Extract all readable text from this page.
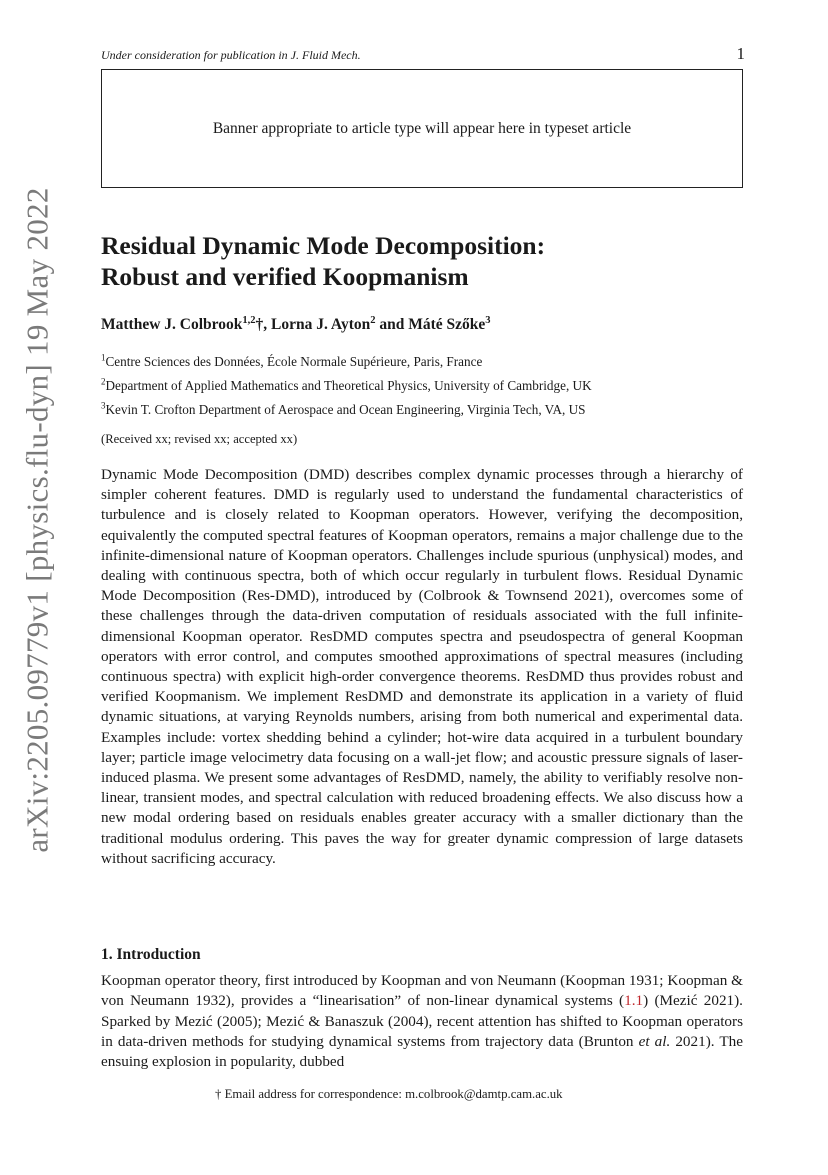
arXiv:2205.09779v1 [physics.flu-dyn] 19 May 2022
Under consideration for publication in J. Fluid Mech.	1
Banner appropriate to article type will appear here in typeset article
Residual Dynamic Mode Decomposition:
Robust and verified Koopmanism
Matthew J. Colbrook$^{1,2}$†, Lorna J. Ayton$^2$ and Máté Szőke$^3$
$^1$Centre Sciences des Données, École Normale Supérieure, Paris, France
$^2$Department of Applied Mathematics and Theoretical Physics, University of Cambridge, UK
$^3$Kevin T. Crofton Department of Aerospace and Ocean Engineering, Virginia Tech, VA, US
(Received xx; revised xx; accepted xx)

Dynamic Mode Decomposition (DMD) describes complex dynamic processes through a hierarchy of simpler coherent features. DMD is regularly used to understand the fundamental characteristics of turbulence and is closely related to Koopman operators. However, verifying the decomposition, equivalently the computed spectral features of Koopman operators, remains a major challenge due to the infinite-dimensional nature of Koopman operators. Challenges include spurious (unphysical) modes, and dealing with continuous spectra, both of which occur regularly in turbulent flows. Residual Dynamic Mode Decomposition (Res-DMD), introduced by (Colbrook & Townsend 2021), overcomes some of these challenges through the data-driven computation of residuals associated with the full infinite-dimensional Koopman operator. ResDMD computes spectra and pseudospectra of general Koopman operators with error control, and computes smoothed approximations of spectral measures (including continuous spectra) with explicit high-order convergence theorems. ResDMD thus provides robust and verified Koopmanism. We implement ResDMD and demonstrate its application in a variety of fluid dynamic situations, at varying Reynolds numbers, arising from both numerical and experimental data. Examples include: vortex shedding behind a cylinder; hot-wire data acquired in a turbulent boundary layer; particle image velocimetry data focusing on a wall-jet flow; and acoustic pressure signals of laser-induced plasma. We present some advantages of ResDMD, namely, the ability to verifiably resolve non-linear, transient modes, and spectral calculation with reduced broadening effects. We also discuss how a new modal ordering based on residuals enables greater accuracy with a smaller dictionary than the traditional modulus ordering. This paves the way for greater dynamic compression of large datasets without sacrificing accuracy.

1. Introduction

Koopman operator theory, first introduced by Koopman and von Neumann (Koopman 1931; Koopman & von Neumann 1932), provides a “linearisation” of non-linear dynamical systems (1.1) (Mezić 2021). Sparked by Mezić (2005); Mezić & Banaszuk (2004), recent attention has shifted to Koopman operators in data-driven methods for studying dynamical systems from trajectory data (Brunton et al. 2021). The ensuing explosion in popularity, dubbed

† Email address for correspondence: m.colbrook@damtp.cam.ac.uk
